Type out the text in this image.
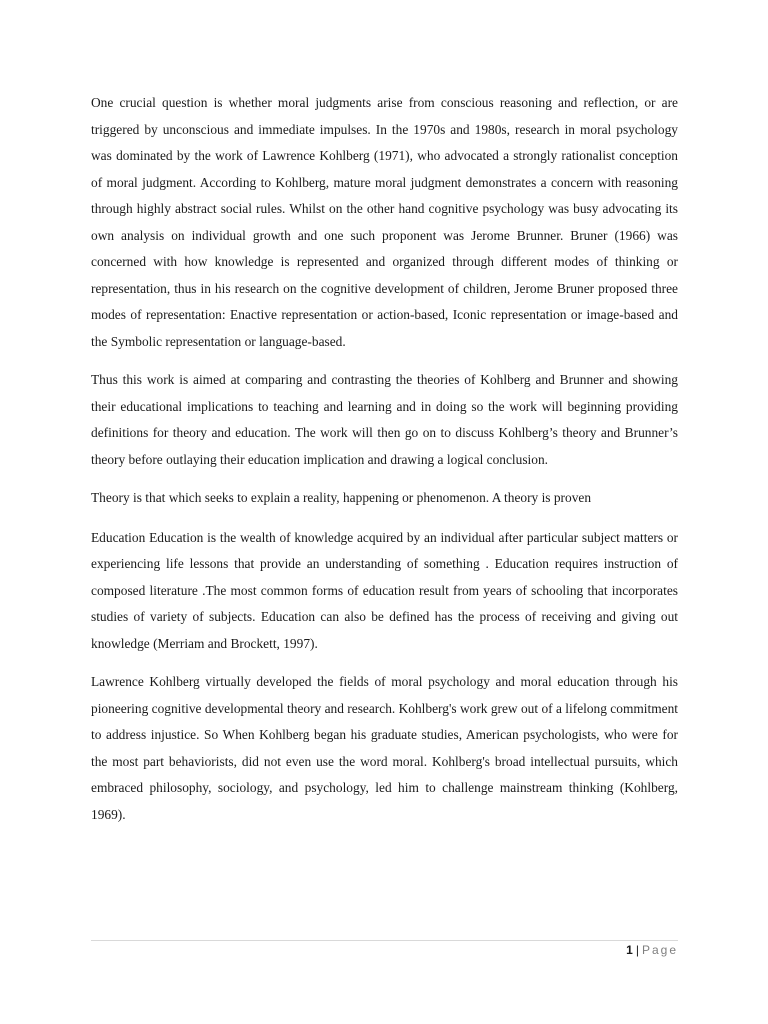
One crucial question is whether moral judgments arise from conscious reasoning and reflection, or are triggered by unconscious and immediate impulses. In the 1970s and 1980s, research in moral psychology was dominated by the work of Lawrence Kohlberg (1971), who advocated a strongly rationalist conception of moral judgment. According to Kohlberg, mature moral judgment demonstrates a concern with reasoning through highly abstract social rules. Whilst on the other hand cognitive psychology was busy advocating its own analysis on individual growth and one such proponent was Jerome Brunner. Bruner (1966) was concerned with how knowledge is represented and organized through different modes of thinking or representation, thus in his research on the cognitive development of children, Jerome Bruner proposed three modes of representation: Enactive representation or action-based, Iconic representation or image-based and the Symbolic representation or language-based.

Thus this work is aimed at comparing and contrasting the theories of Kohlberg and Brunner and showing their educational implications to teaching and learning and in doing so the work will beginning providing definitions for theory and education. The work will then go on to discuss Kohlberg’s theory and Brunner’s theory before outlaying their education implication and drawing a logical conclusion.

Theory is that which seeks to explain a reality, happening or phenomenon. A theory is proven

Education Education is the wealth of knowledge acquired by an individual after particular subject matters or experiencing life lessons that provide an understanding of something . Education requires instruction of composed literature .The most common forms of education result from years of schooling that incorporates studies of variety of subjects. Education can also be defined has the process of receiving and giving out knowledge (Merriam and Brockett, 1997).

Lawrence Kohlberg virtually developed the fields of moral psychology and moral education through his pioneering cognitive developmental theory and research. Kohlberg's work grew out of a lifelong commitment to address injustice. So When Kohlberg began his graduate studies, American psychologists, who were for the most part behaviorists, did not even use the word moral. Kohlberg's broad intellectual pursuits, which embraced philosophy, sociology, and psychology, led him to challenge mainstream thinking (Kohlberg, 1969).

1 | Page
